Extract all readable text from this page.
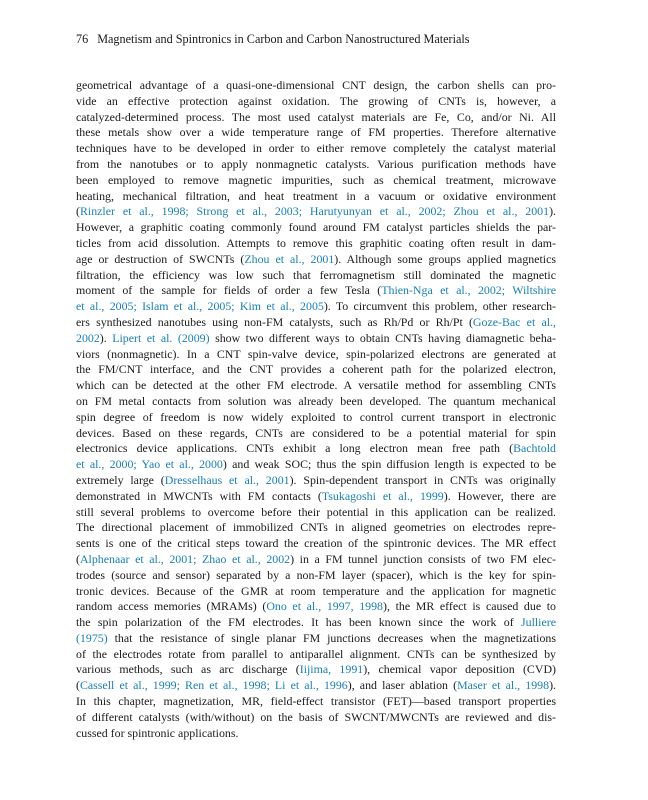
76 Magnetism and Spintronics in Carbon and Carbon Nanostructured Materials
geometrical advantage of a quasi-one-dimensional CNT design, the carbon shells can pro-
vide an effective protection against oxidation. The growing of CNTs is, however, a
catalyzed-determined process. The most used catalyst materials are Fe, Co, and/or Ni. All
these metals show over a wide temperature range of FM properties. Therefore alternative
techniques have to be developed in order to either remove completely the catalyst material
from the nanotubes or to apply nonmagnetic catalysts. Various purification methods have
been employed to remove magnetic impurities, such as chemical treatment, microwave
heating, mechanical filtration, and heat treatment in a vacuum or oxidative environment
(Rinzler et al., 1998; Strong et al., 2003; Harutyunyan et al., 2002; Zhou et al., 2001).
However, a graphitic coating commonly found around FM catalyst particles shields the par-
ticles from acid dissolution. Attempts to remove this graphitic coating often result in dam-
age or destruction of SWCNTs (Zhou et al., 2001). Although some groups applied magnetics
filtration, the efficiency was low such that ferromagnetism still dominated the magnetic
moment of the sample for fields of order a few Tesla (Thien-Nga et al., 2002; Wiltshire
et al., 2005; Islam et al., 2005; Kim et al., 2005). To circumvent this problem, other research-
ers synthesized nanotubes using non-FM catalysts, such as Rh/Pd or Rh/Pt (Goze-Bac et al.,
2002). Lipert et al. (2009) show two different ways to obtain CNTs having diamagnetic beha-
viors (nonmagnetic). In a CNT spin-valve device, spin-polarized electrons are generated at
the FM/CNT interface, and the CNT provides a coherent path for the polarized electron,
which can be detected at the other FM electrode. A versatile method for assembling CNTs
on FM metal contacts from solution was already been developed. The quantum mechanical
spin degree of freedom is now widely exploited to control current transport in electronic
devices. Based on these regards, CNTs are considered to be a potential material for spin
electronics device applications. CNTs exhibit a long electron mean free path (Bachtold
et al., 2000; Yao et al., 2000) and weak SOC; thus the spin diffusion length is expected to be
extremely large (Dresselhaus et al., 2001). Spin-dependent transport in CNTs was originally
demonstrated in MWCNTs with FM contacts (Tsukagoshi et al., 1999). However, there are
still several problems to overcome before their potential in this application can be realized.
The directional placement of immobilized CNTs in aligned geometries on electrodes repre-
sents is one of the critical steps toward the creation of the spintronic devices. The MR effect
(Alphenaar et al., 2001; Zhao et al., 2002) in a FM tunnel junction consists of two FM elec-
trodes (source and sensor) separated by a non-FM layer (spacer), which is the key for spin-
tronic devices. Because of the GMR at room temperature and the application for magnetic
random access memories (MRAMs) (Ono et al., 1997, 1998), the MR effect is caused due to
the spin polarization of the FM electrodes. It has been known since the work of Julliere
(1975) that the resistance of single planar FM junctions decreases when the magnetizations
of the electrodes rotate from parallel to antiparallel alignment. CNTs can be synthesized by
various methods, such as arc discharge (Iijima, 1991), chemical vapor deposition (CVD)
(Cassell et al., 1999; Ren et al., 1998; Li et al., 1996), and laser ablation (Maser et al., 1998).
In this chapter, magnetization, MR, field-effect transistor (FET)—based transport properties
of different catalysts (with/without) on the basis of SWCNT/MWCNTs are reviewed and dis-
cussed for spintronic applications.
